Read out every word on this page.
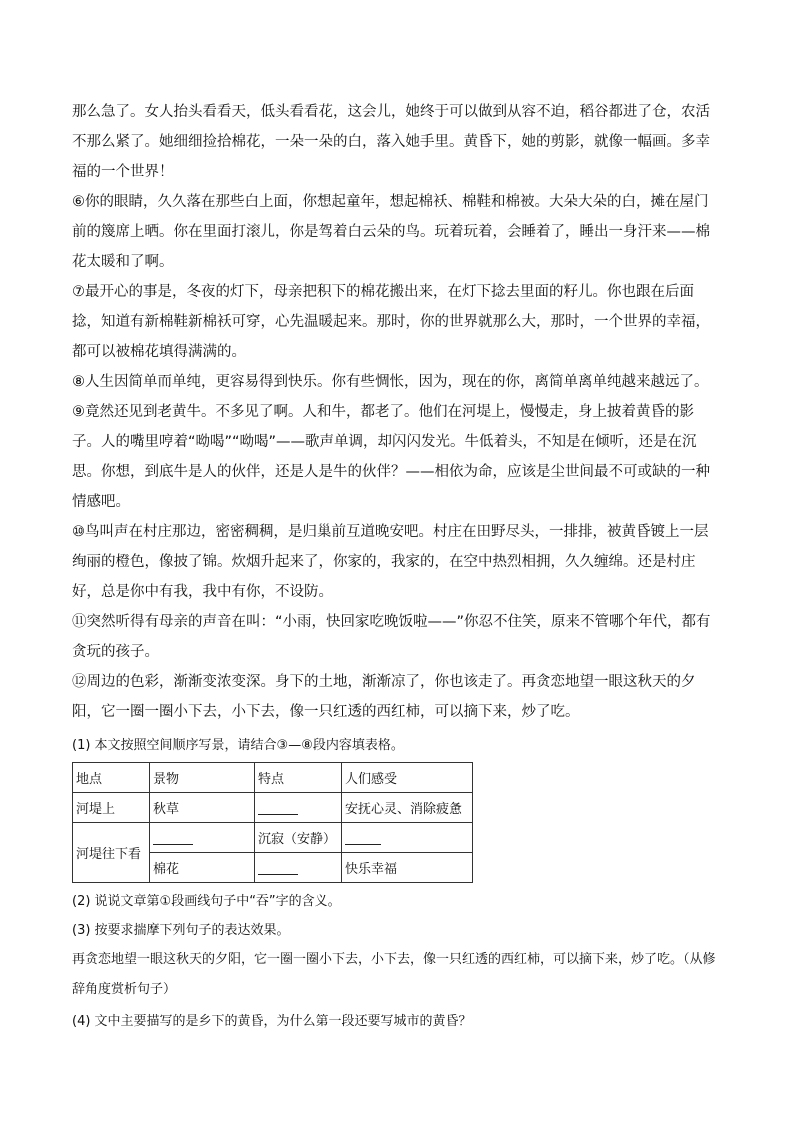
那么急了。女人抬头看看天，低头看看花，这会儿，她终于可以做到从容不迫，稻谷都进了仓，农活不那么紧了。她细细捡拾棉花，一朵一朵的白，落入她手里。黄昏下，她的剪影，就像一幅画。多幸福的一个世界！

⑥你的眼睛，久久落在那些白上面，你想起童年，想起棉袄、棉鞋和棉被。大朵大朵的白，摊在屋门前的篾席上晒。你在里面打滚儿，你是驾着白云朵的鸟。玩着玩着，会睡着了，睡出一身汗来——棉花太暖和了啊。

⑦最开心的事是，冬夜的灯下，母亲把积下的棉花搬出来，在灯下捻去里面的籽儿。你也跟在后面捻，知道有新棉鞋新棉袄可穿，心先温暖起来。那时，你的世界就那么大，那时，一个世界的幸福，都可以被棉花填得满满的。

⑧人生因简单而单纯，更容易得到快乐。你有些惆怅，因为，现在的你，离简单离单纯越来越远了。

⑨竟然还见到老黄牛。不多见了啊。人和牛，都老了。他们在河堤上，慢慢走，身上披着黄昏的影子。人的嘴里哼着“呦喝”“呦喝”——歌声单调，却闪闪发光。牛低着头，不知是在倾听，还是在沉思。你想，到底牛是人的伙伴，还是人是牛的伙伴？——相依为命，应该是尘世间最不可或缺的一种情感吧。

⑩鸟叫声在村庄那边，密密稠稠，是归巢前互道晚安吧。村庄在田野尽头，一排排，被黄昏镀上一层绚丽的橙色，像披了锦。炊烟升起来了，你家的，我家的，在空中热烈相拥，久久缠绵。还是村庄好，总是你中有我，我中有你，不设防。

⑪突然听得有母亲的声音在叫：“小雨，快回家吃晚饭啦——”你忍不住笑，原来不管哪个年代，都有贪玩的孩子。

⑫周边的色彩，渐渐变浓变深。身下的土地，渐渐凉了，你也该走了。再贪恋地望一眼这秋天的夕阳，它一圈一圈小下去，小下去，像一只红透的西红柿，可以摘下来，炒了吃。

(1) 本文按照空间顺序写景，请结合③—⑧段内容填表格。

地点	景物	特点	人们感受
河堤上	秋草		安抚心灵、消除疲惫
河堤往下看		沉寂（安静）	
	棉花		快乐幸福

(2) 说说文章第①段画线句子中“吞”字的含义。

(3) 按要求揣摩下列句子的表达效果。

再贪恋地望一眼这秋天的夕阳，它一圈一圈小下去，小下去，像一只红透的西红柿，可以摘下来，炒了吃。（从修辞角度赏析句子）

(4) 文中主要描写的是乡下的黄昏，为什么第一段还要写城市的黄昏？
